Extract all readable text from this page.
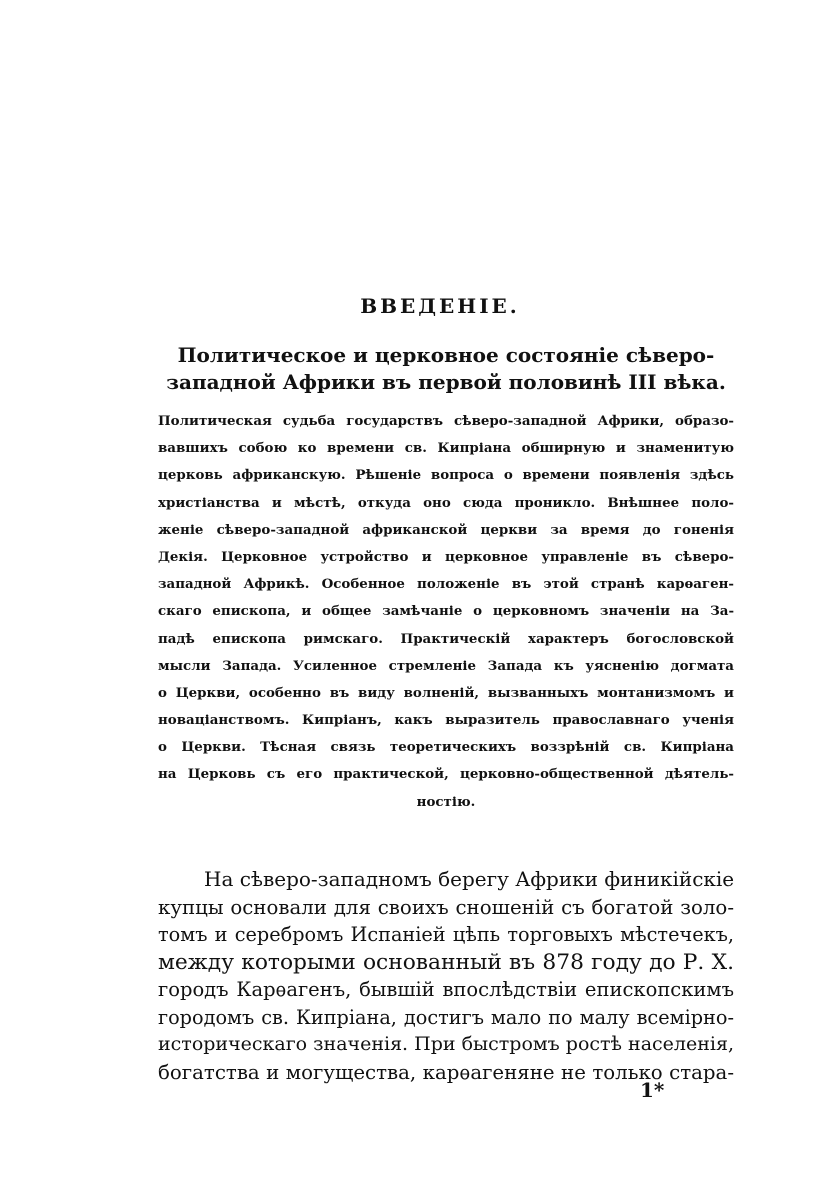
ВВЕДЕНІЕ.
Политическое и церковное состояніе сѣверо-
западной Африки въ первой половинѣ III вѣка.
Политическая судьба государствъ сѣверо-западной Африки, образо-
вавшихъ собою ко времени св. Кипріана обширную и знаменитую
церковь африканскую. Рѣшеніе вопроса о времени появленія здѣсь
христіанства и мѣстѣ, откуда оно сюда проникло. Внѣшнее поло-
женіе сѣверо-западной африканской церкви за время до гоненія
Декія. Церковное устройство и церковное управленіе въ сѣверо-
западной Африкѣ. Особенное положеніе въ этой странѣ карѳаген-
скаго епископа, и общее замѣчаніе о церковномъ значеніи на За-
падѣ епископа римскаго. Практическій характеръ богословской
мысли Запада. Усиленное стремленіе Запада къ уясненію догмата
о Церкви, особенно въ виду волненій, вызванныхъ монтанизмомъ и
новаціанствомъ. Кипріанъ, какъ выразитель православнаго ученія
о Церкви. Тѣсная связь теоретическихъ воззрѣній св. Кипріана
на Церковь съ его практической, церковно-общественной дѣятель-
ностію.
На сѣверо-западномъ берегу Африки финикійскіе
купцы основали для своихъ сношеній съ богатой золо-
томъ и серебромъ Испаніей цѣпь торговыхъ мѣстечекъ,
между которыми основанный въ 878 году до Р. Х.
городъ Карѳагенъ, бывшій впослѣдствіи епископскимъ
городомъ св. Кипріана, достигъ мало по малу всемірно-
историческаго значенія. При быстромъ ростѣ населенія,
богатства и могущества, карѳагеняне не только стара-
1*
